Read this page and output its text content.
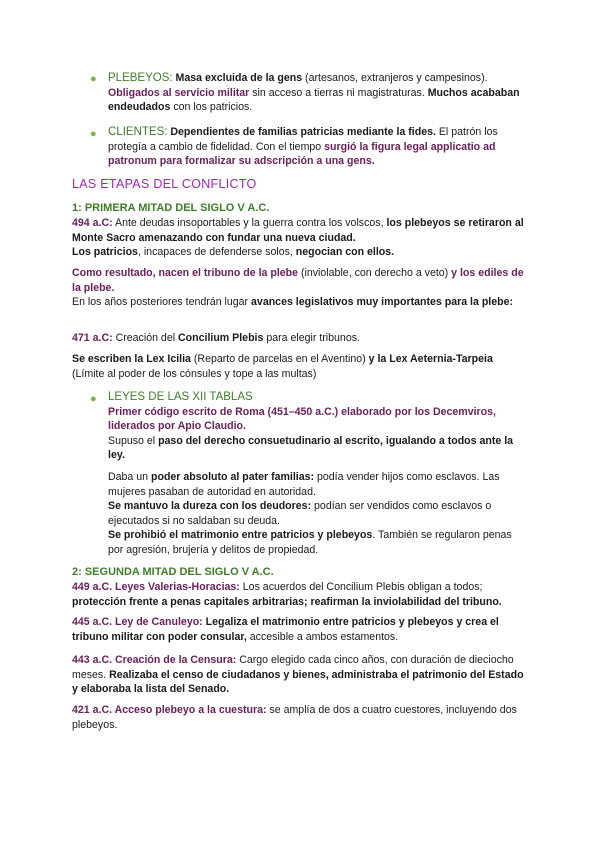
● PLEBEYOS: Masa excluida de la gens (artesanos, extranjeros y campesinos). Obligados al servicio militar sin acceso a tierras ni magistraturas. Muchos acababan endeudados con los patricios.

● CLIENTES: Dependientes de familias patricias mediante la fides. El patrón los protegía a cambio de fidelidad. Con el tiempo surgió la figura legal applicatio ad patronum para formalizar su adscripción a una gens.

LAS ETAPAS DEL CONFLICTO
1: PRIMERA MITAD DEL SIGLO V A.C.

494 a.C: Ante deudas insoportables y la guerra contra los volscos, los plebeyos se retiraron al Monte Sacro amenazando con fundar una nueva ciudad.

Los patricios, incapaces de defenderse solos, negocian con ellos.

Como resultado, nacen el tribuno de la plebe (inviolable, con derecho a veto) y los ediles de la plebe.

En los años posteriores tendrán lugar avances legislativos muy importantes para la plebe:

471 a.C: Creación del Concilium Plebis para elegir tribunos.

Se escriben la Lex Icilia (Reparto de parcelas en el Aventino) y la Lex Aeternia-Tarpeia

(Límite al poder de los cónsules y tope a las multas)

● LEYES DE LAS XII TABLAS

Primer código escrito de Roma (451–450 a.C.) elaborado por los Decemviros, liderados por Apio Claudio.

Supuso el paso del derecho consuetudinario al escrito, igualando a todos ante la ley.

Daba un poder absoluto al pater familias: podía vender hijos como esclavos. Las mujeres pasaban de autoridad en autoridad.

Se mantuvo la dureza con los deudores: podían ser vendidos como esclavos o ejecutados si no saldaban su deuda.

Se prohibió el matrimonio entre patricios y plebeyos. También se regularon penas por agresión, brujería y delitos de propiedad.

2: SEGUNDA MITAD DEL SIGLO V A.C.

449 a.C. Leyes Valerias-Horacias: Los acuerdos del Concilium Plebis obligan a todos; protección frente a penas capitales arbitrarias; reafirman la inviolabilidad del tribuno.

445 a.C. Ley de Canuleyo: Legaliza el matrimonio entre patricios y plebeyos y crea el tribuno militar con poder consular, accesible a ambos estamentos.

443 a.C. Creación de la Censura: Cargo elegido cada cinco años, con duración de dieciocho meses. Realizaba el censo de ciudadanos y bienes, administraba el patrimonio del Estado y elaboraba la lista del Senado.

421 a.C. Acceso plebeyo a la cuestura: se amplía de dos a cuatro cuestores, incluyendo dos plebeyos.
